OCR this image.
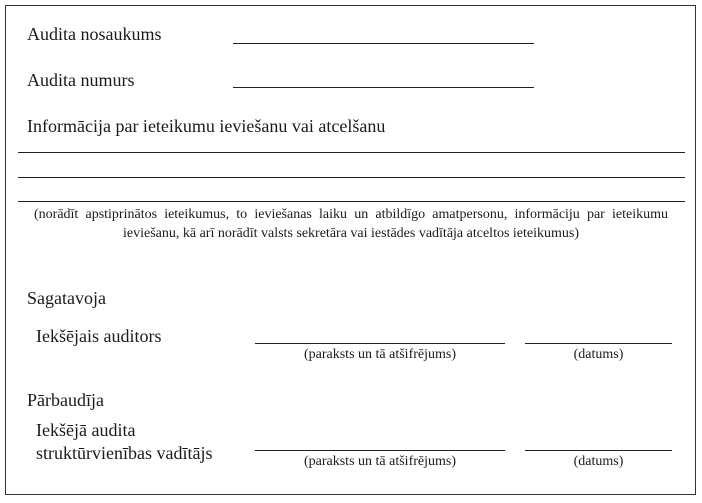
Audita nosaukums
Audita numurs
Informācija par ieteikumu ieviešanu vai atcelšanu
(norādīt apstiprinātos ieteikumus, to ieviešanas laiku un atbildīgo amatpersonu, informāciju par ieteikumu ieviešanu, kā arī norādīt valsts sekretāra vai iestādes vadītāja atceltos ieteikumus)
Sagatavoja
Iekšējais auditors
(paraksts un tā atšifrējums)	(datums)
Pārbaudīja
Iekšējā audita
struktūrvienības vadītājs	(paraksts un tā atšifrējums)	(datums)
